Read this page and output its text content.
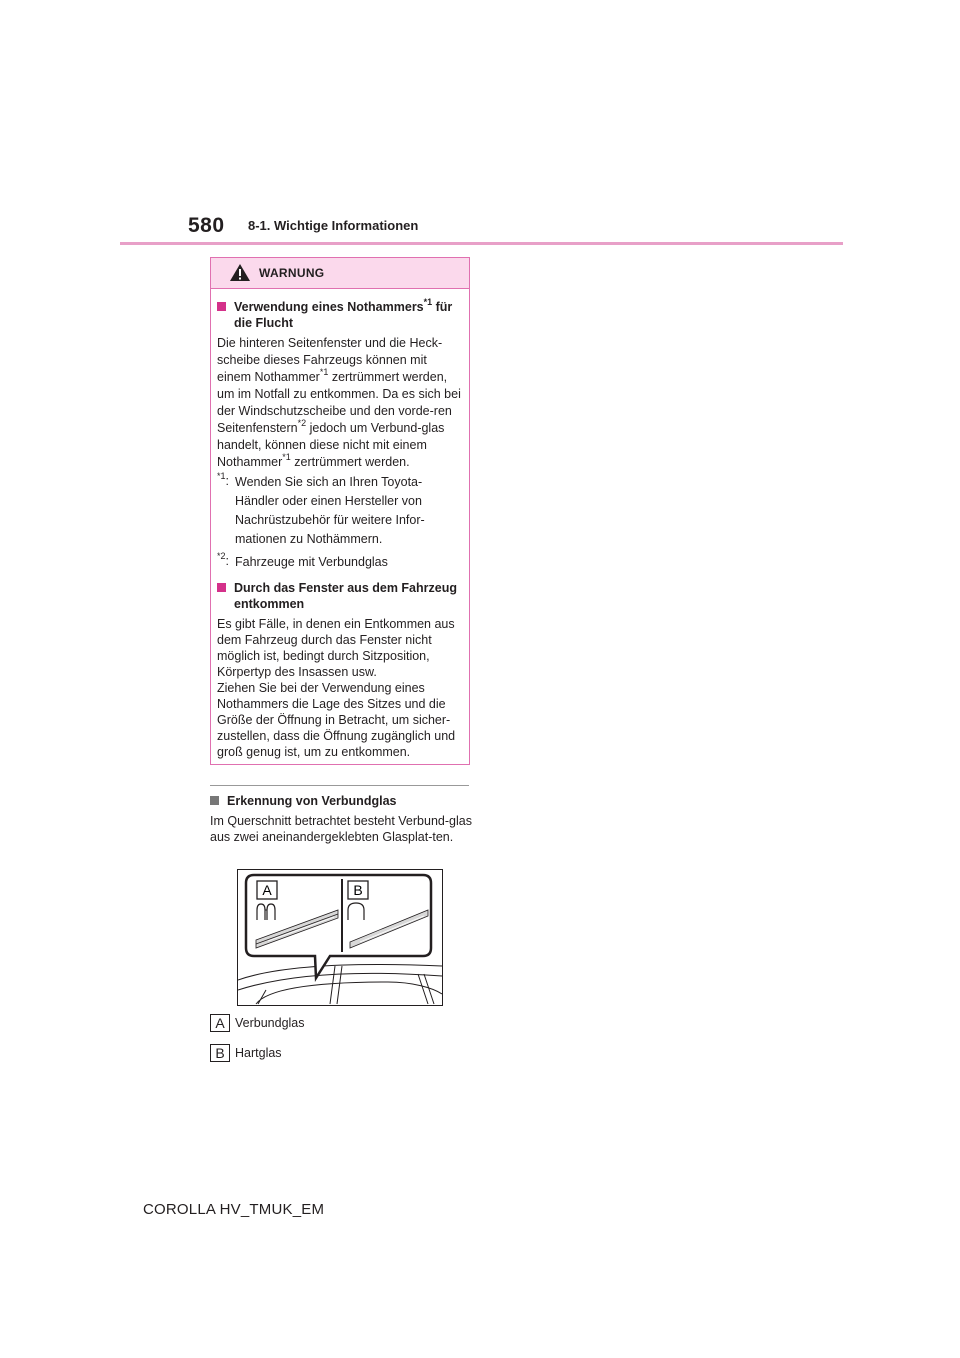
580 8-1. Wichtige Informationen
WARNUNG
Verwendung eines Nothammers$^{*1}$ für die Flucht
Die hinteren Seitenfenster und die Heck-scheibe dieses Fahrzeugs können mit einem Nothammer$^{*1}$ zertrümmert werden, um im Notfall zu entkommen. Da es sich bei der Windschutzscheibe und den vorde-ren Seitenfenstern$^{*2}$ jedoch um Verbund-glas handelt, können diese nicht mit einem Nothammer$^{*1}$ zertrümmert werden.
$^{*1}$: Wenden Sie sich an Ihren Toyota-Händler oder einen Hersteller von Nachrüstzubehör für weitere Infor-mationen zu Nothämmern.
$^{*2}$: Fahrzeuge mit Verbundglas
Durch das Fenster aus dem Fahrzeug entkommen
Es gibt Fälle, in denen ein Entkommen aus dem Fahrzeug durch das Fenster nicht möglich ist, bedingt durch Sitzposition, Körpertyp des Insassen usw.
Ziehen Sie bei der Verwendung eines Nothammers die Lage des Sitzes und die Größe der Öffnung in Betracht, um sicher-zustellen, dass die Öffnung zugänglich und groß genug ist, um zu entkommen.
Erkennung von Verbundglas
Im Querschnitt betrachtet besteht Verbund-glas aus zwei aneinandergeklebten Glasplat-ten.
A	B
A Verbundglas
B Hartglas
COROLLA HV_TMUK_EM
